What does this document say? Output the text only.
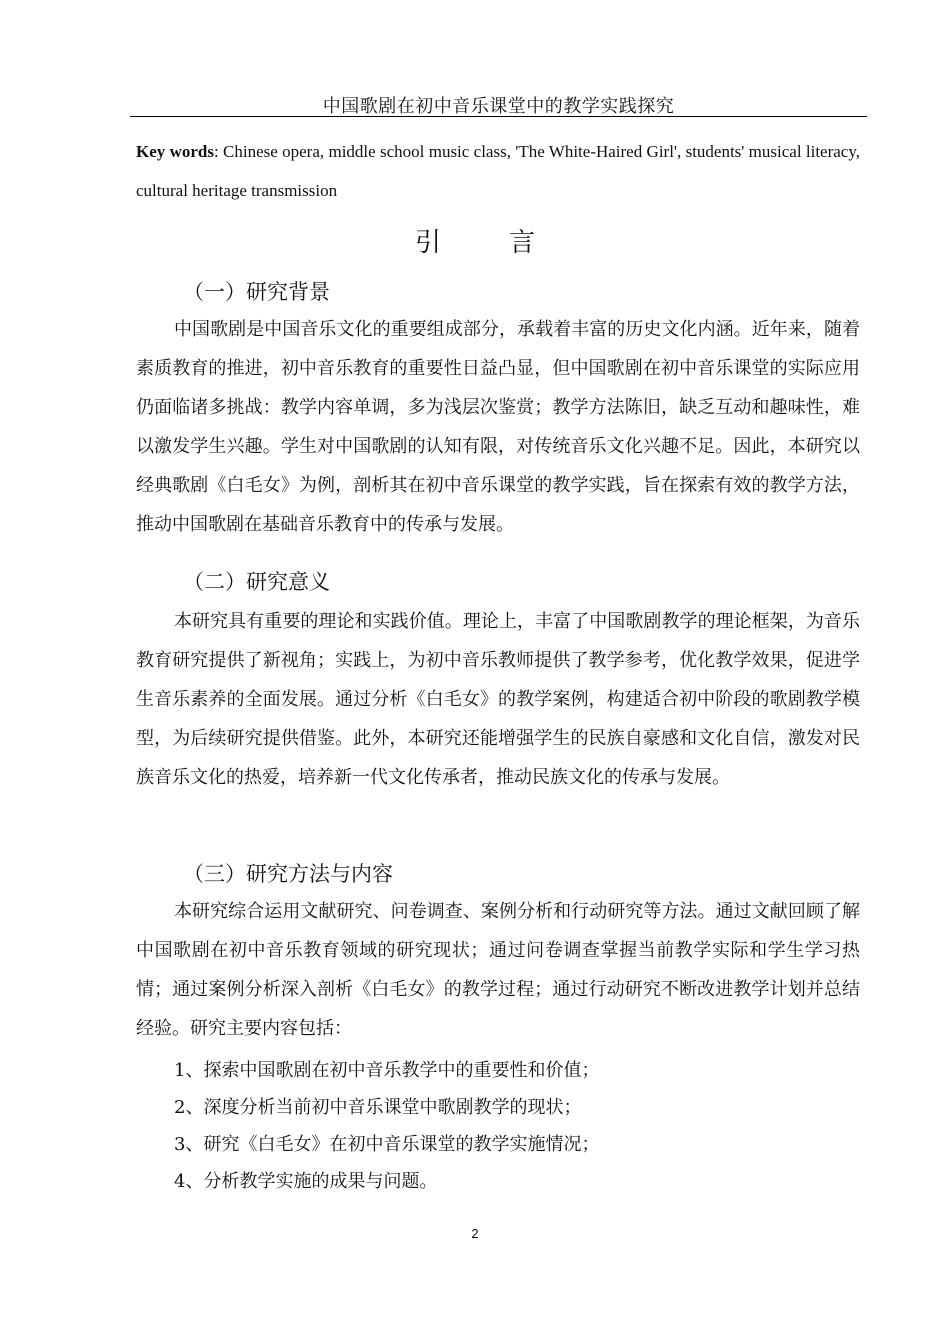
中国歌剧在初中音乐课堂中的教学实践探究
Key words: Chinese opera, middle school music class, 'The White-Haired Girl', students' musical literacy, cultural heritage transmission
引言
（一）研究背景
中国歌剧是中国音乐文化的重要组成部分，承载着丰富的历史文化内涵。近年来，随着素质教育的推进，初中音乐教育的重要性日益凸显，但中国歌剧在初中音乐课堂的实际应用仍面临诸多挑战：教学内容单调，多为浅层次鉴赏；教学方法陈旧，缺乏互动和趣味性，难以激发学生兴趣。学生对中国歌剧的认知有限，对传统音乐文化兴趣不足。因此，本研究以经典歌剧《白毛女》为例，剖析其在初中音乐课堂的教学实践，旨在探索有效的教学方法，推动中国歌剧在基础音乐教育中的传承与发展。
（二）研究意义
本研究具有重要的理论和实践价值。理论上，丰富了中国歌剧教学的理论框架，为音乐教育研究提供了新视角；实践上，为初中音乐教师提供了教学参考，优化教学效果，促进学生音乐素养的全面发展。通过分析《白毛女》的教学案例，构建适合初中阶段的歌剧教学模型，为后续研究提供借鉴。此外，本研究还能增强学生的民族自豪感和文化自信，激发对民族音乐文化的热爱，培养新一代文化传承者，推动民族文化的传承与发展。
（三）研究方法与内容
本研究综合运用文献研究、问卷调查、案例分析和行动研究等方法。通过文献回顾了解中国歌剧在初中音乐教育领域的研究现状；通过问卷调查掌握当前教学实际和学生学习热情；通过案例分析深入剖析《白毛女》的教学过程；通过行动研究不断改进教学计划并总结经验。研究主要内容包括：
1、探索中国歌剧在初中音乐教学中的重要性和价值；
2、深度分析当前初中音乐课堂中歌剧教学的现状；
3、研究《白毛女》在初中音乐课堂的教学实施情况；
4、分析教学实施的成果与问题。
2
